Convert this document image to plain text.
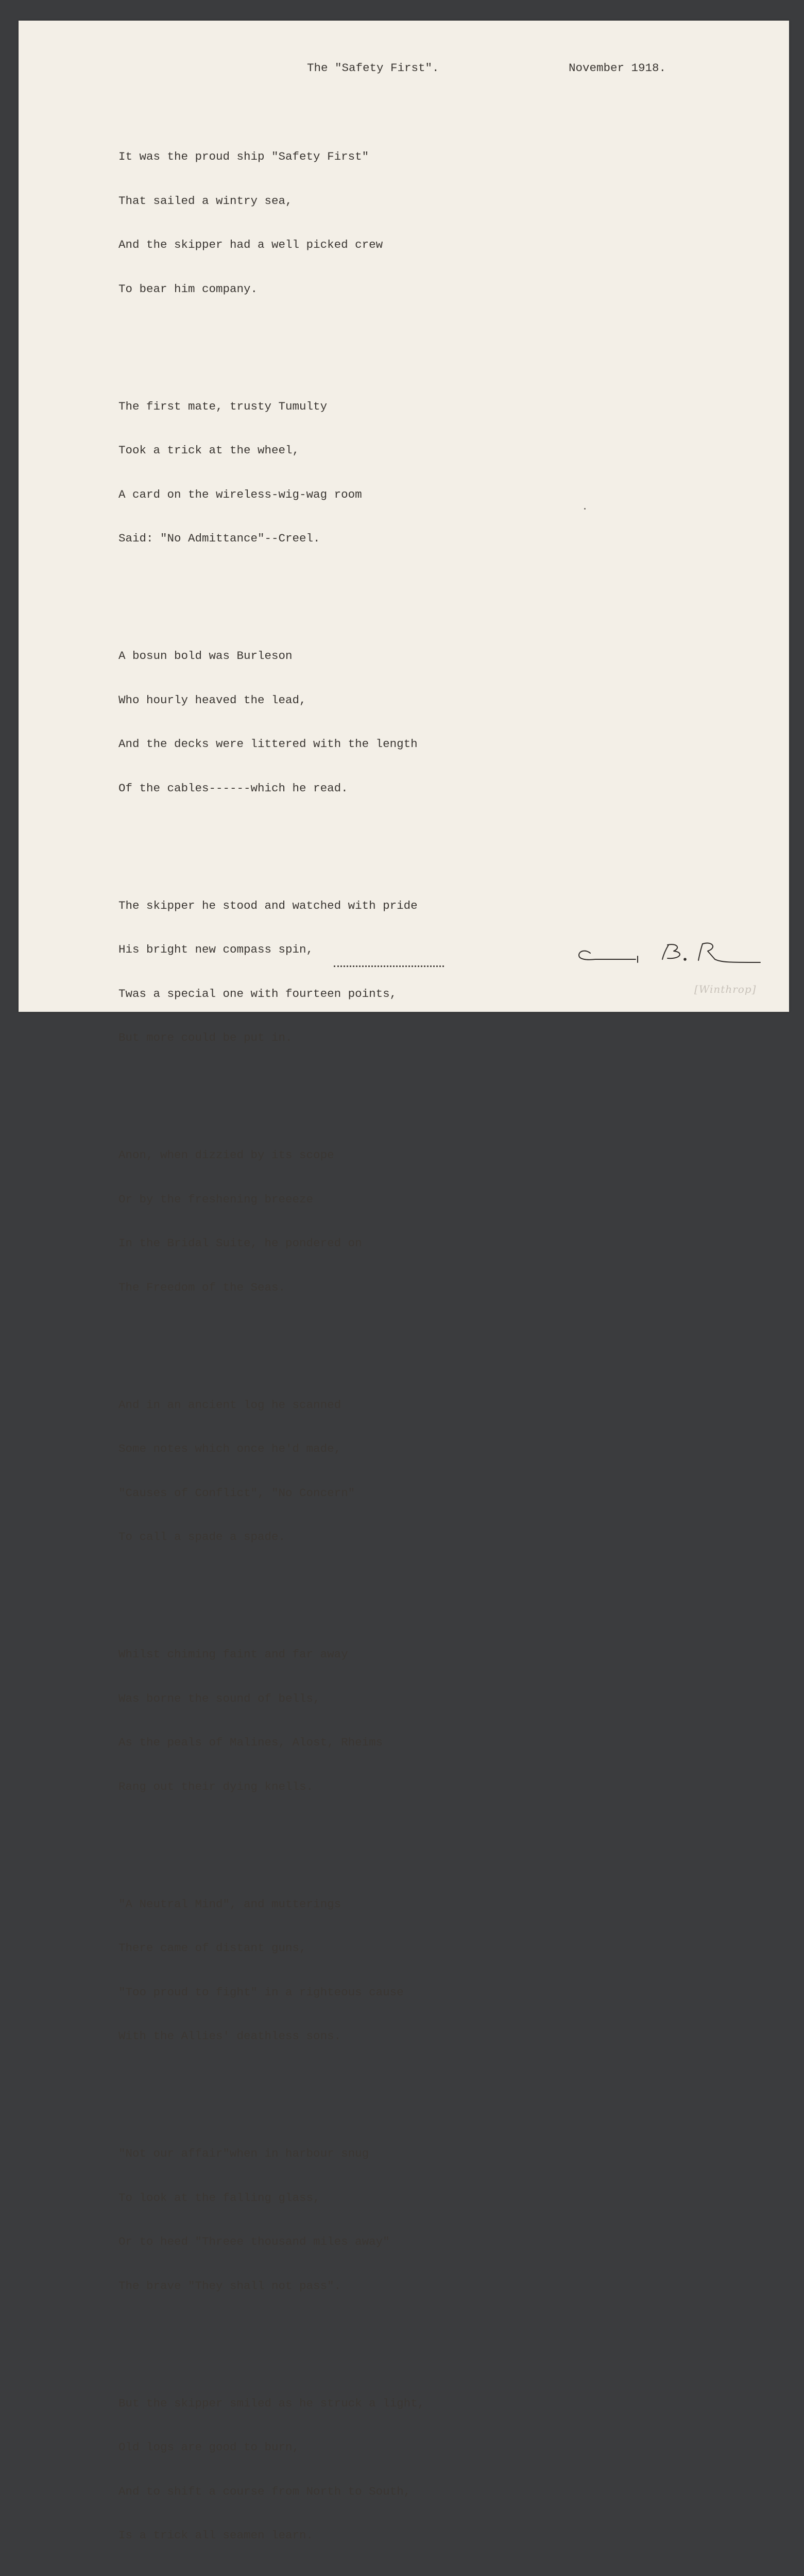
The "Safety First".	November 1918.

It was the proud ship "Safety First"

That sailed a wintry sea,

And the skipper had a well picked crew

To bear him company.

The first mate, trusty Tumulty

Took a trick at the wheel,

A card on the wireless-wig-wag room

Said: "No Admittance"--Creel.

A bosun bold was Burleson

Who hourly heaved the lead,

And the decks were littered with the length

Of the cables------which he read.

The skipper he stood and watched with pride

His bright new compass spin,

Twas a special one with fourteen points,

But more could be put in.

Anon, when dizzied by its scope

Or by the freshening breeeze

In the Bridal Suite, he pondered on

The Freedom of the Seas.

And in an ancient log he scanned

Some notes which once he'd made,

"Causes of Conflict", "No Concern"

To call a spade a spade.

Whilst chiming faint and far away

Was borne the sound of bells,

As the peals of Malines, Alost, Rheims

Rang out their dying knells.

"A Neutral Mind", and mutterings

There came of distant guns,

"Too proud to fight" in a righteous cause

With the Allies' deathless sons.

"Not our affair"when in harbour snug

To look at the falling glass,

Or to heed "Threee thousand miles away"

The brave "They shall not pass".

But the skipper smiled as he struck a light,

Old logs are good to burn,

And to shift a course from North to South,

Is a trick all seamen learn.

[Winthrop]
